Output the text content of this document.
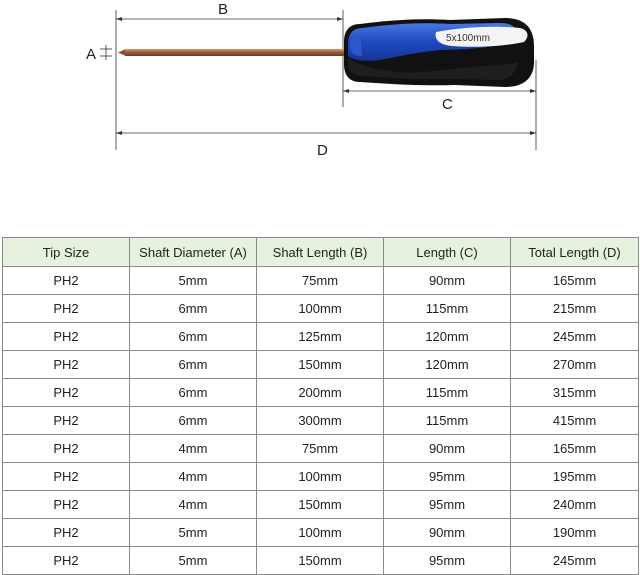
B
A
5x100mm
C
D
Tip Size	Shaft Diameter (A)	Shaft Length (B)	Length (C)	Total Length (D)
PH2	5mm	75mm	90mm	165mm
PH2	6mm	100mm	115mm	215mm
PH2	6mm	125mm	120mm	245mm
PH2	6mm	150mm	120mm	270mm
PH2	6mm	200mm	115mm	315mm
PH2	6mm	300mm	115mm	415mm
PH2	4mm	75mm	90mm	165mm
PH2	4mm	100mm	95mm	195mm
PH2	4mm	150mm	95mm	240mm
PH2	5mm	100mm	90mm	190mm
PH2	5mm	150mm	95mm	245mm
